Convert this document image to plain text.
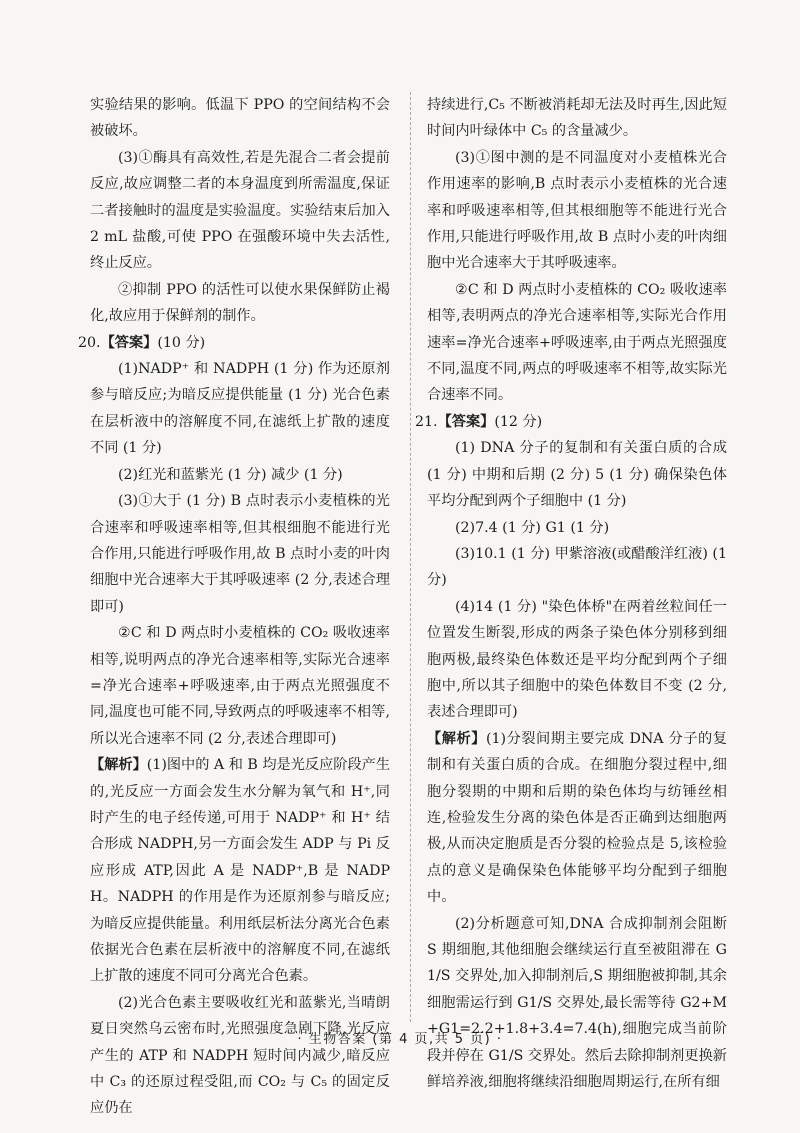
实验结果的影响。低温下 PPO 的空间结构不会被破坏。

(3)①酶具有高效性,若是先混合二者会提前反应,故应调整二者的本身温度到所需温度,保证二者接触时的温度是实验温度。实验结束后加入 2 mL 盐酸,可使 PPO 在强酸环境中失去活性,终止反应。

②抑制 PPO 的活性可以使水果保鲜防止褐化,故应用于保鲜剂的制作。

20.【答案】(10 分)

(1)NADP⁺ 和 NADPH (1 分) 作为还原剂参与暗反应;为暗反应提供能量 (1 分) 光合色素在层析液中的溶解度不同,在滤纸上扩散的速度不同 (1 分)

(2)红光和蓝紫光 (1 分) 减少 (1 分)

(3)①大于 (1 分) B 点时表示小麦植株的光合速率和呼吸速率相等,但其根细胞不能进行光合作用,只能进行呼吸作用,故 B 点时小麦的叶肉细胞中光合速率大于其呼吸速率 (2 分,表述合理即可)

②C 和 D 两点时小麦植株的 CO₂ 吸收速率相等,说明两点的净光合速率相等,实际光合速率=净光合速率+呼吸速率,由于两点光照强度不同,温度也可能不同,导致两点的呼吸速率不相等,所以光合速率不同 (2 分,表述合理即可)

【解析】(1)图中的 A 和 B 均是光反应阶段产生的,光反应一方面会发生水分解为氧气和 H⁺,同时产生的电子经传递,可用于 NADP⁺ 和 H⁺ 结合形成 NADPH,另一方面会发生 ADP 与 Pi 反应形成 ATP,因此 A 是 NADP⁺,B 是 NADPH。NADPH 的作用是作为还原剂参与暗反应;为暗反应提供能量。利用纸层析法分离光合色素依据光合色素在层析液中的溶解度不同,在滤纸上扩散的速度不同可分离光合色素。

(2)光合色素主要吸收红光和蓝紫光,当晴朗夏日突然乌云密布时,光照强度急剧下降,光反应产生的 ATP 和 NADPH 短时间内减少,暗反应中 C₃ 的还原过程受阻,而 CO₂ 与 C₅ 的固定反应仍在

持续进行,C₅ 不断被消耗却无法及时再生,因此短时间内叶绿体中 C₅ 的含量减少。

(3)①图中测的是不同温度对小麦植株光合作用速率的影响,B 点时表示小麦植株的光合速率和呼吸速率相等,但其根细胞等不能进行光合作用,只能进行呼吸作用,故 B 点时小麦的叶肉细胞中光合速率大于其呼吸速率。

②C 和 D 两点时小麦植株的 CO₂ 吸收速率相等,表明两点的净光合速率相等,实际光合作用速率=净光合速率+呼吸速率,由于两点光照强度不同,温度不同,两点的呼吸速率不相等,故实际光合速率不同。

21.【答案】(12 分)

(1) DNA 分子的复制和有关蛋白质的合成 (1 分) 中期和后期 (2 分) 5 (1 分) 确保染色体平均分配到两个子细胞中 (1 分)

(2)7.4 (1 分) G1 (1 分)

(3)10.1 (1 分) 甲紫溶液(或醋酸洋红液) (1 分)

(4)14 (1 分) "染色体桥"在两着丝粒间任一位置发生断裂,形成的两条子染色体分别移到细胞两极,最终染色体数还是平均分配到两个子细胞中,所以其子细胞中的染色体数目不变 (2 分,表述合理即可)

【解析】(1)分裂间期主要完成 DNA 分子的复制和有关蛋白质的合成。在细胞分裂过程中,细胞分裂期的中期和后期的染色体均与纺锤丝相连,检验发生分离的染色体是否正确到达细胞两极,从而决定胞质是否分裂的检验点是 5,该检验点的意义是确保染色体能够平均分配到子细胞中。

(2)分析题意可知,DNA 合成抑制剂会阻断 S 期细胞,其他细胞会继续运行直至被阻滞在 G1/S 交界处,加入抑制剂后,S 期细胞被抑制,其余细胞需运行到 G1/S 交界处,最长需等待 G2+M+G1=2.2+1.8+3.4=7.4(h),细胞完成当前阶段并停在 G1/S 交界处。然后去除抑制剂更换新鲜培养液,细胞将继续沿细胞周期运行,在所有细

· 生物答案 (第 4 页,共 5 页) ·
